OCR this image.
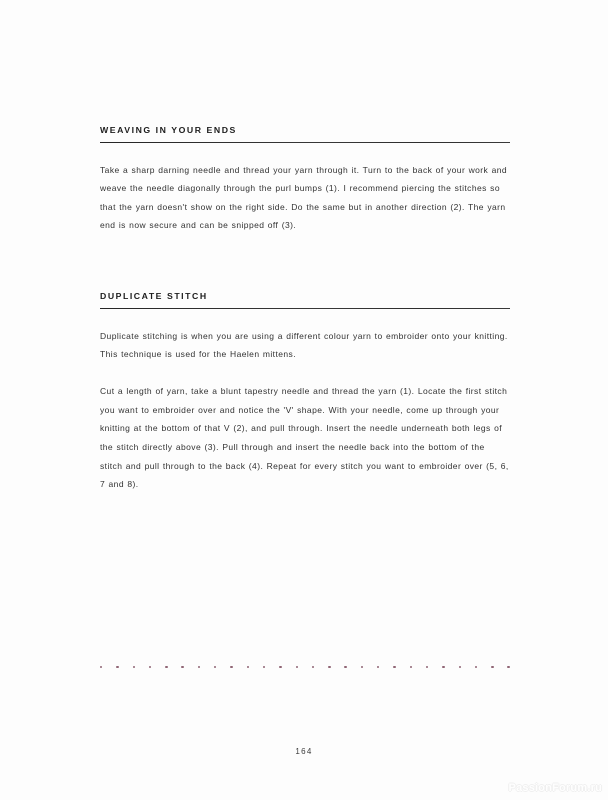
WEAVING IN YOUR ENDS

Take a sharp darning needle and thread your yarn through it. Turn to the back of your work and weave the needle diagonally through the purl bumps (1). I recommend piercing the stitches so that the yarn doesn't show on the right side. Do the same but in another direction (2). The yarn end is now secure and can be snipped off (3).

DUPLICATE STITCH

Duplicate stitching is when you are using a different colour yarn to embroider onto your knitting. This technique is used for the Haelen mittens.

Cut a length of yarn, take a blunt tapestry needle and thread the yarn (1). Locate the first stitch you want to embroider over and notice the 'V' shape. With your needle, come up through your knitting at the bottom of that V (2), and pull through. Insert the needle underneath both legs of the stitch directly above (3). Pull through and insert the needle back into the bottom of the stitch and pull through to the back (4). Repeat for every stitch you want to embroider over (5, 6, 7 and 8).

164
PassionForum.ru
